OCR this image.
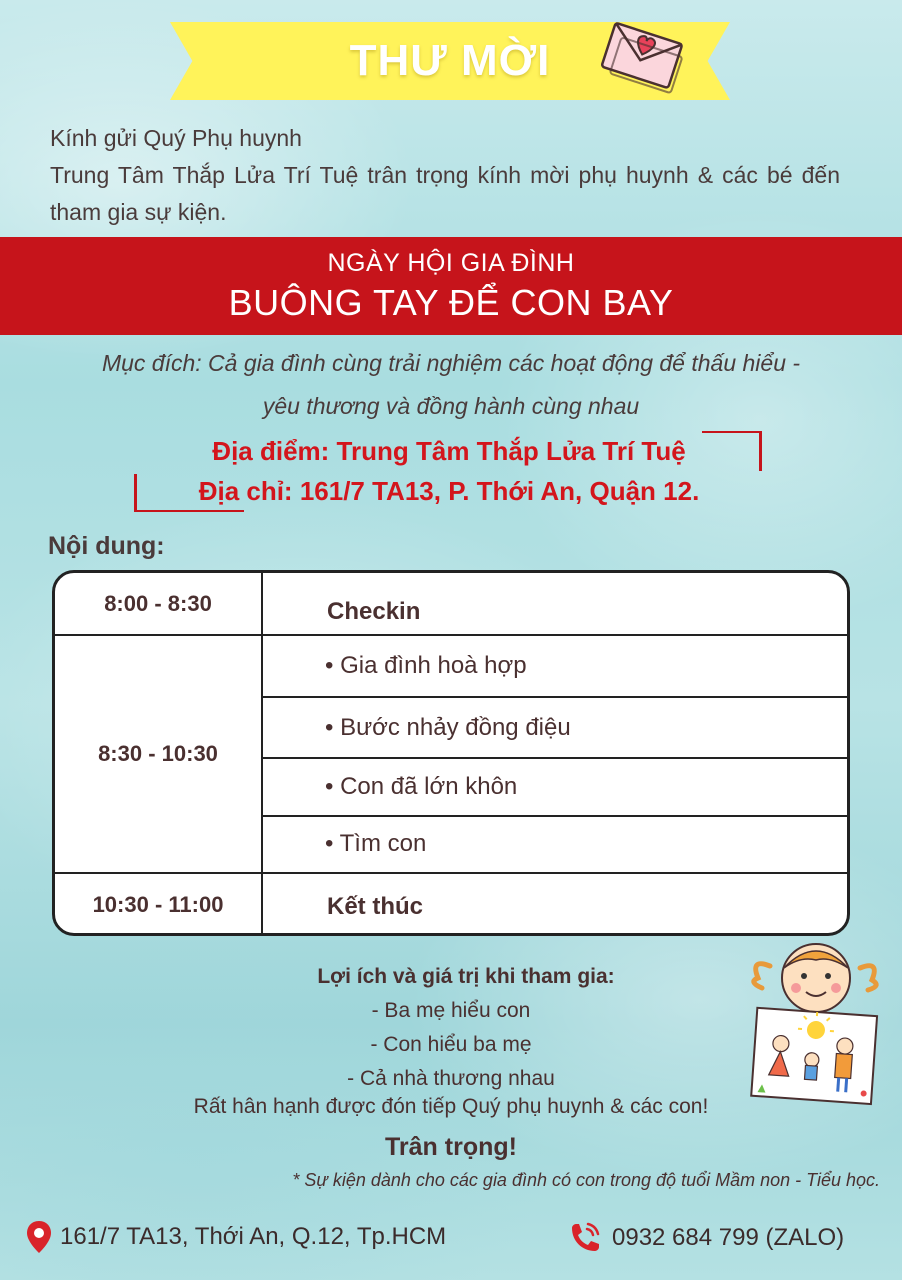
THƯ MỜI
Kính gửi Quý Phụ huynh
Trung Tâm Thắp Lửa Trí Tuệ trân trọng kính mời phụ huynh & các bé đến tham gia sự kiện.
NGÀY HỘI GIA ĐÌNH
BUÔNG TAY ĐỂ CON BAY
Mục đích: Cả gia đình cùng trải nghiệm các hoạt động để thấu hiểu -
yêu thương và đồng hành cùng nhau
Địa điểm: Trung Tâm Thắp Lửa Trí Tuệ
Địa chỉ: 161/7 TA13, P. Thới An, Quận 12.
Nội dung:
8:00 - 8:30	Checkin
8:30 - 10:30
• Gia đình hoà hợp
• Bước nhảy đồng điệu
• Con đã lớn khôn
• Tìm con
10:30 - 11:00	Kết thúc
Lợi ích và giá trị khi tham gia:
- Ba mẹ hiểu con
- Con hiểu ba mẹ
- Cả nhà thương nhau
Rất hân hạnh được đón tiếp Quý phụ huynh & các con!
Trân trọng!
* Sự kiện dành cho các gia đình có con trong độ tuổi Mầm non - Tiểu học.
161/7 TA13, Thới An, Q.12, Tp.HCM	0932 684 799 (ZALO)
